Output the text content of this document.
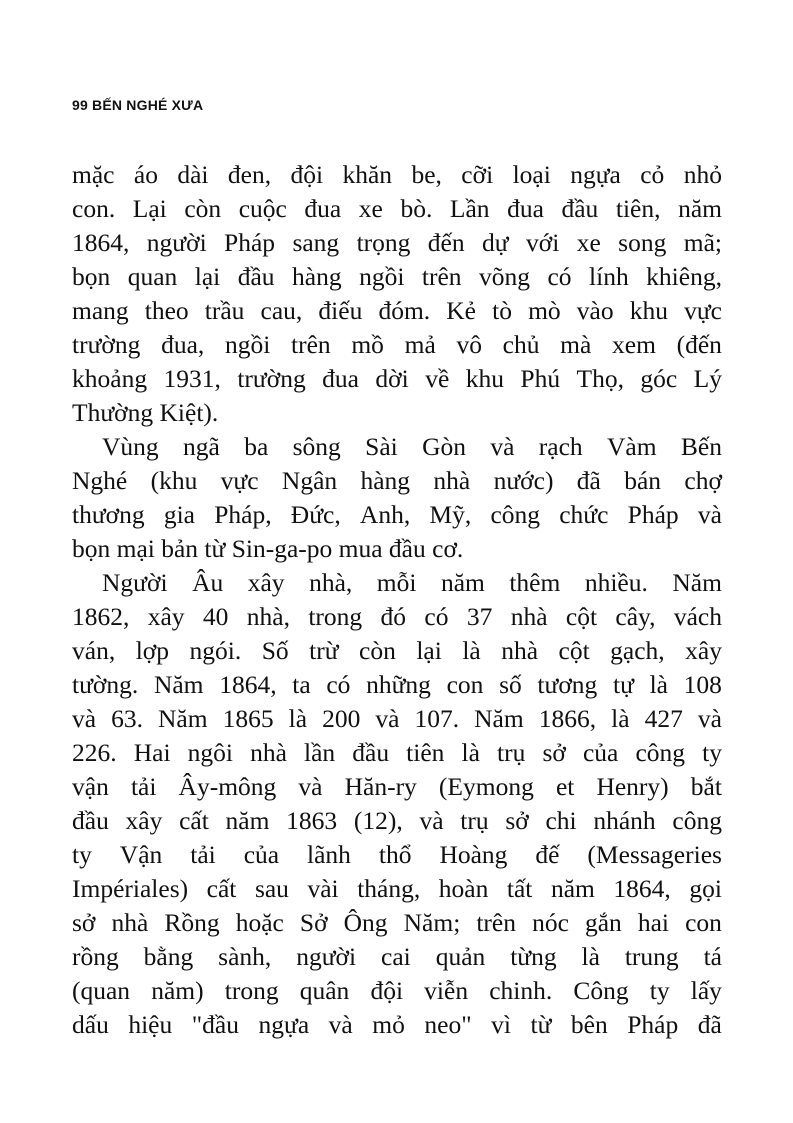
99 BẾN NGHÉ XƯA
mặc áo dài đen, đội khăn be, cỡi loại ngựa cỏ nhỏ
con. Lại còn cuộc đua xe bò. Lần đua đầu tiên, năm
1864, người Pháp sang trọng đến dự với xe song mã;
bọn quan lại đầu hàng ngồi trên võng có lính khiêng,
mang theo trầu cau, điếu đóm. Kẻ tò mò vào khu vực
trường đua, ngồi trên mồ mả vô chủ mà xem (đến
khoảng 1931, trường đua dời về khu Phú Thọ, góc Lý
Thường Kiệt).
Vùng ngã ba sông Sài Gòn và rạch Vàm Bến
Nghé (khu vực Ngân hàng nhà nước) đã bán chợ
thương gia Pháp, Đức, Anh, Mỹ, công chức Pháp và
bọn mại bản từ Sin-ga-po mua đầu cơ.
Người Âu xây nhà, mỗi năm thêm nhiều. Năm
1862, xây 40 nhà, trong đó có 37 nhà cột cây, vách
ván, lợp ngói. Số trừ còn lại là nhà cột gạch, xây
tường. Năm 1864, ta có những con số tương tự là 108
và 63. Năm 1865 là 200 và 107. Năm 1866, là 427 và
226. Hai ngôi nhà lần đầu tiên là trụ sở của công ty
vận tải Ây-mông và Hăn-ry (Eymong et Henry) bắt
đầu xây cất năm 1863 (12), và trụ sở chi nhánh công
ty Vận tải của lãnh thổ Hoàng đế (Messageries
Impériales) cất sau vài tháng, hoàn tất năm 1864, gọi
sở nhà Rồng hoặc Sở Ông Năm; trên nóc gắn hai con
rồng bằng sành, người cai quản từng là trung tá
(quan năm) trong quân đội viễn chinh. Công ty lấy
dấu hiệu "đầu ngựa và mỏ neo" vì từ bên Pháp đã
